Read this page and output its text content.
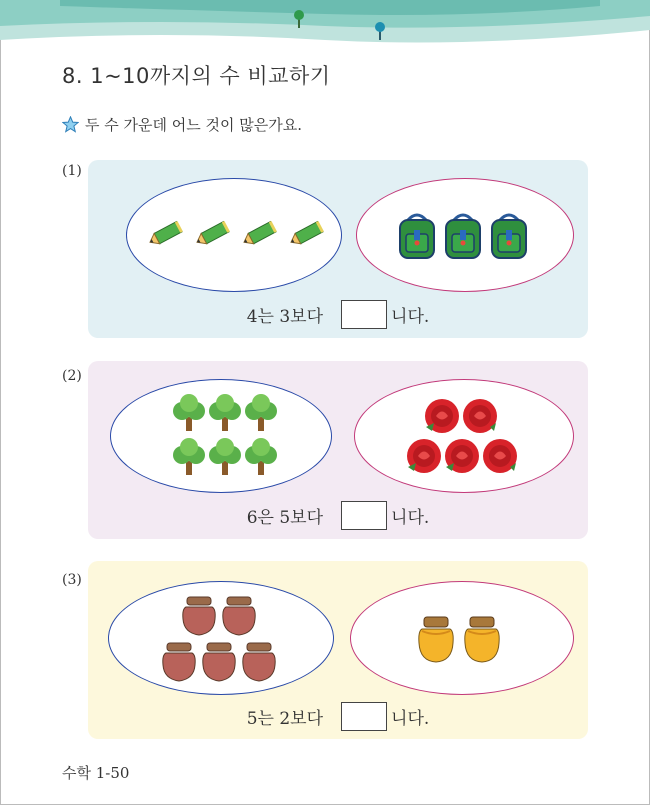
8. 1~10까지의 수 비교하기
두 수 가운데 어느 것이 많은가요.
(1)
4는 3보다	니다.
(2)
6은 5보다	니다.
(3)
5는 2보다	니다.
수학 1-50
